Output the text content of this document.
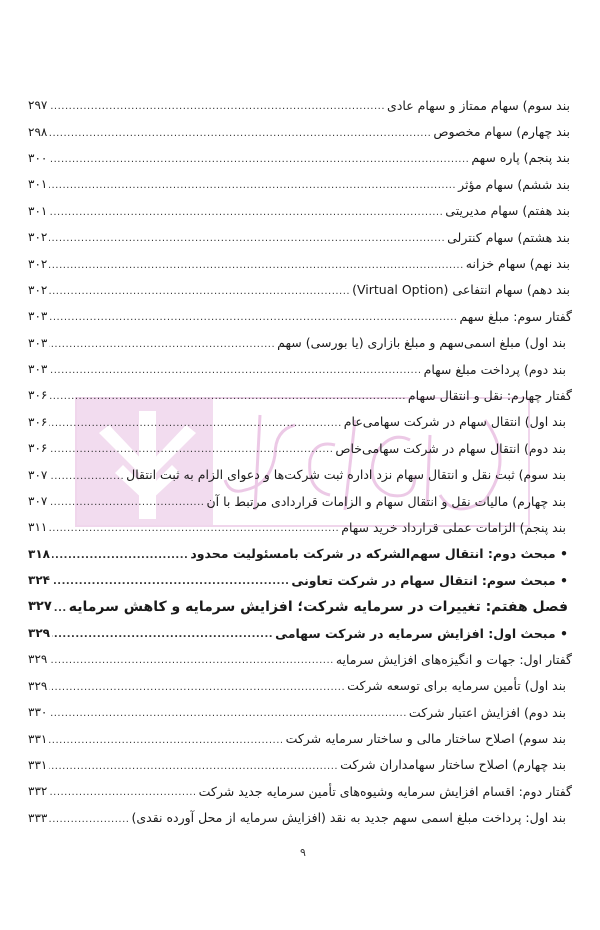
بند سوم) سهام ممتاز و سهام عادی
.....
۲۹۷
بند چهارم) سهام مخصوص
.....
۲۹۸
بند پنجم) پاره سهم
.....
۳۰۰
بند ششم) سهام مؤثر
.....
۳۰۱
بند هفتم) سهام مدیریتی
.....
۳۰۱
بند هشتم) سهام کنترلی
.....
۳۰۲
بند نهم) سهام خزانه
.....
۳۰۲
بند دهم) سهام انتفاعی (Virtual Option)
.....
۳۰۲
گفتار سوم: مبلغ سهم
.....
۳۰۳
بند اول) مبلغ اسمی‌سهم و مبلغ بازاری (یا بورسی) سهم
.....
۳۰۳
بند دوم) پرداخت مبلغ سهام
.....
۳۰۳
گفتار چهارم: نقل و انتقال سهام
.....
۳۰۶
بند اول) انتقال سهام در شرکت سهامی‌عام
.....
۳۰۶
بند دوم) انتقال سهام در شرکت سهامی‌خاص
.....
۳۰۶
بند سوم) ثبت نقل و انتقال سهام نزد اداره ثبت شرکت‌ها و دعوای الزام به ثبت انتقال
.....
۳۰۷
بند چهارم) مالیات نقل و انتقال سهام و الزامات قراردادی مرتبط با آن
.....
۳۰۷
بند پنجم) الزامات عملی قرارداد خرید سهام
.....
۳۱۱
• مبحث دوم: انتقال سهم‌الشرکه در شرکت بامسئولیت محدود
.....
۳۱۸
• مبحث سوم: انتقال سهام در شرکت تعاونی
.....
۳۲۴
فصل هفتم: تغییرات در سرمایه شرکت؛ افزایش سرمایه و کاهش سرمایه
.....
۳۲۷
• مبحث اول: افزایش سرمایه در شرکت سهامی
.....
۳۲۹
گفتار اول: جهات و انگیزه‌های افزایش سرمایه
.....
۳۲۹
بند اول) تأمین سرمایه برای توسعه شرکت
.....
۳۲۹
بند دوم) افزایش اعتبار شرکت
.....
۳۳۰
بند سوم) اصلاح ساختار مالی و ساختار سرمایه شرکت
.....
۳۳۱
بند چهارم) اصلاح ساختار سهامداران شرکت
.....
۳۳۱
گفتار دوم: اقسام افزایش سرمایه وشیوه‌های تأمین سرمایه جدید شرکت
.....
۳۳۲
بند اول: پرداخت مبلغ اسمی سهم جدید به نقد (افزایش سرمایه از محل آورده نقدی)
.....
۳۳۳
۹
